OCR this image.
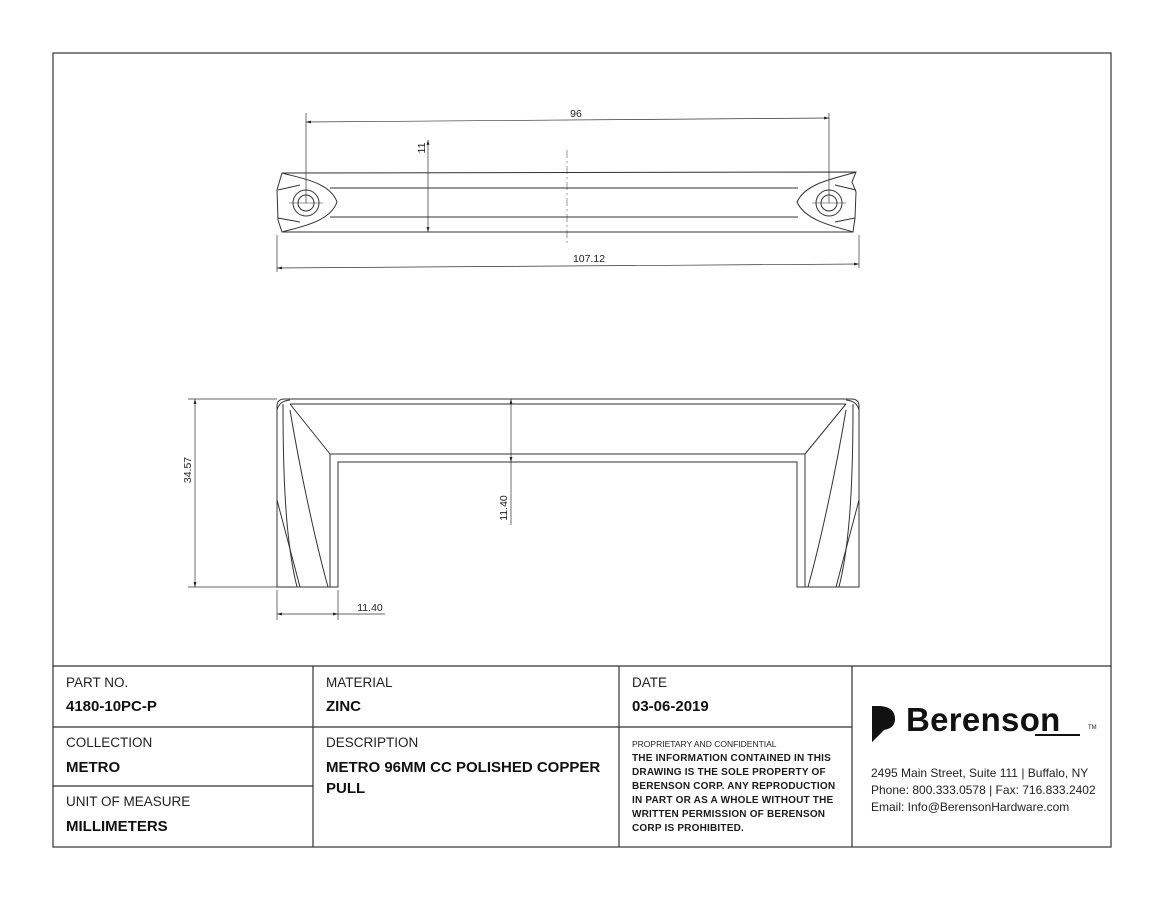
96
107.12
11
34.57
11.40
11.40
PART NO.
4180-10PC-P
MATERIAL
ZINC
DATE
03-06-2019
COLLECTION
METRO
UNIT OF MEASURE
MILLIMETERS
DESCRIPTION
METRO 96MM CC POLISHED COPPER PULL
PROPRIETARY AND CONFIDENTIAL
THE INFORMATION CONTAINED IN THIS DRAWING IS THE SOLE PROPERTY OF BERENSON CORP. ANY REPRODUCTION IN PART OR AS A WHOLE WITHOUT THE WRITTEN PERMISSION OF BERENSON CORP IS PROHIBITED.
Berenson	TM
2495 Main Street, Suite 111 | Buffalo, NY
Phone: 800.333.0578 | Fax: 716.833.2402
Email: Info@BerensonHardware.com
